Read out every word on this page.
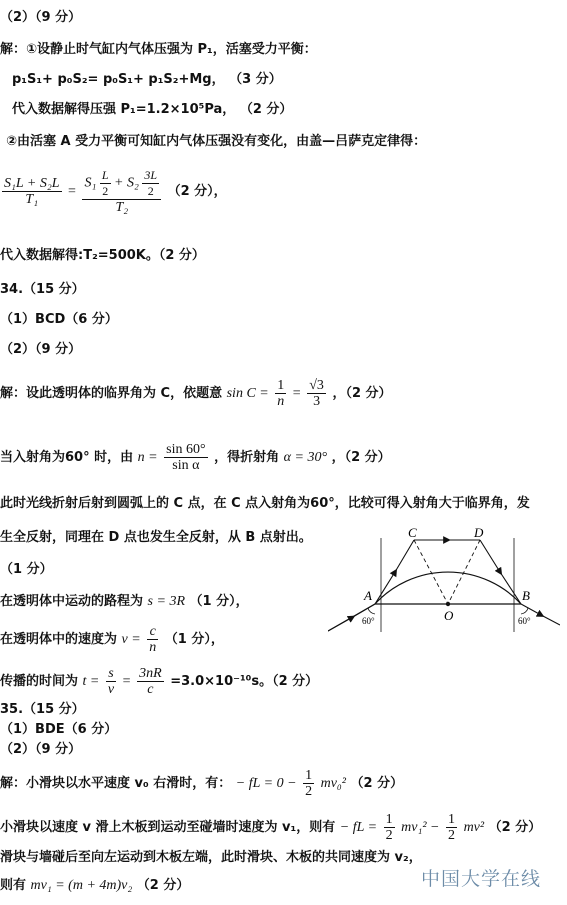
（2）（9 分）
解：①设静止时气缸内气体压强为 P₁，活塞受力平衡：
p₁S₁+ p₀S₂= p₀S₁+ p₁S₂+Mg， （3 分）
代入数据解得压强 P₁=1.2×10⁵Pa， （2 分）
②由活塞 A 受力平衡可知缸内气体压强没有变化，由盖—吕萨克定律得：
$\frac{\text{S₁L + S₂L}}{\text{T₁}}$ =
$S_1 \frac{L}{2} + S_2 \frac{3L}{2}$
T₂
（2 分），
代入数据解得:T₂=500K。（2 分）
34.（15 分）
（1）BCD（6 分）
（2）（9 分）
解：设此透明体的临界角为 C，依题意 $\sin C = \frac{1}{n} = \frac{√3}{3}$ ，（2 分）
当入射角为60° 时，由 $n = \frac{\sin 60^\circ}{\text{sin α}}$ ，得折射角 α = 30° ，（2 分）
此时光线折射后射到圆弧上的 C 点，在 C 点入射角为60°，比较可得入射角大于临界角，发
生全反射，同理在 D 点也发生全反射，从 B 点射出。
（1 分）
在透明体中运动的路程为 s = 3R （1 分），
在透明体中的速度为 $v = \frac{c}{n} (1$ 分），
传播的时间为 $t = \frac{s}{v} = \frac{3nR}{c} =3.0\times 10^{-10}s$。（2 分）
A	B
C	D
O
60°	60°
35.（15 分）
（1）BDE（6 分）
（2）（9 分）
解：小滑块以水平速度 v₀ 右滑时，有： − fL = $0 - \frac{1}{2} mv_0^2$ （2 分）
小滑块以速度 v 滑上木板到运动至碰墙时速度为 v₁，则有 − fL = $\frac{1}{2} mv_1^2 - \frac{1}{2} mv^2$ （2 分）
滑块与墙碰后至向左运动到木板左端，此时滑块、木板的共同速度为 v₂，
则有 mv₁ = (m + 4m)v₂ （2 分）	中国大学在线
